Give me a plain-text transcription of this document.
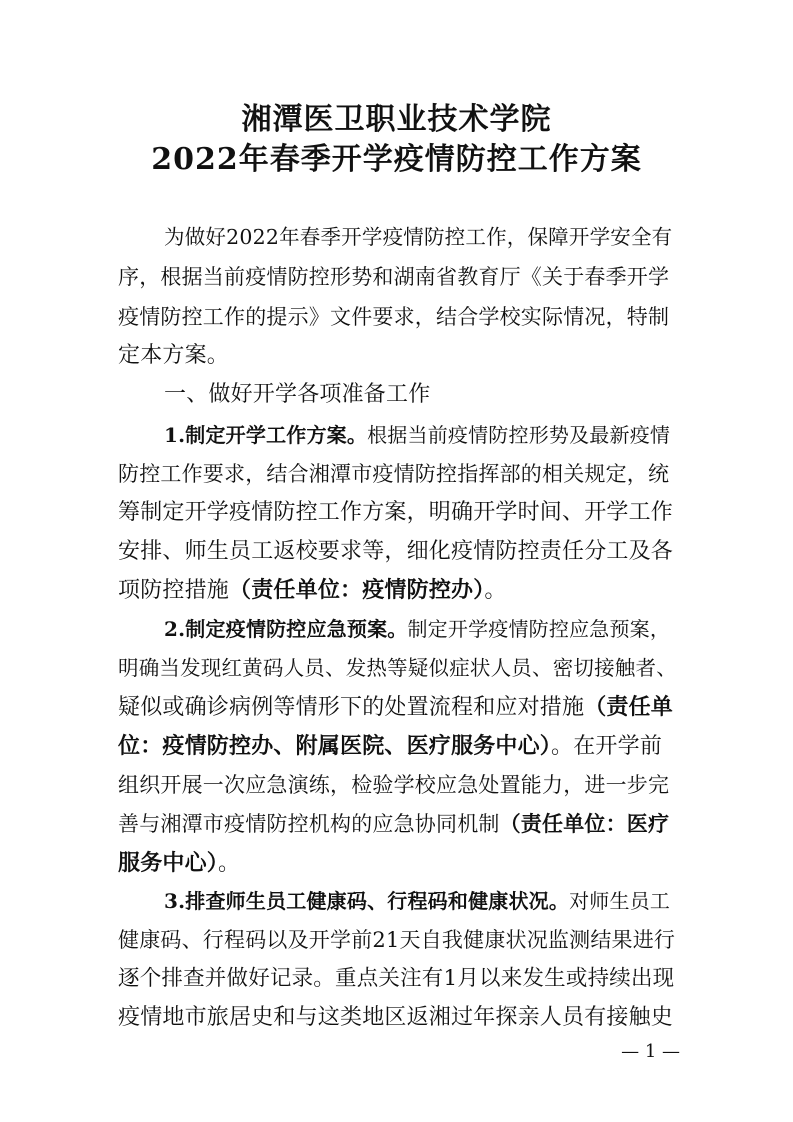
湘潭医卫职业技术学院
2022年春季开学疫情防控工作方案
为做好2022年春季开学疫情防控工作，保障开学安全有
序，根据当前疫情防控形势和湖南省教育厅《关于春季开学
疫情防控工作的提示》文件要求，结合学校实际情况，特制
定本方案。
一、做好开学各项准备工作
1.制定开学工作方案。根据当前疫情防控形势及最新疫情
防控工作要求，结合湘潭市疫情防控指挥部的相关规定，统
筹制定开学疫情防控工作方案，明确开学时间、开学工作
安排、师生员工返校要求等，细化疫情防控责任分工及各
项防控措施（责任单位：疫情防控办）。
2.制定疫情防控应急预案。制定开学疫情防控应急预案，
明确当发现红黄码人员、发热等疑似症状人员、密切接触者、
疑似或确诊病例等情形下的处置流程和应对措施（责任单
位：疫情防控办、附属医院、医疗服务中心）。在开学前
组织开展一次应急演练，检验学校应急处置能力，进一步完
善与湘潭市疫情防控机构的应急协同机制（责任单位：医疗
服务中心）。
3.排查师生员工健康码、行程码和健康状况。对师生员工
健康码、行程码以及开学前21天自我健康状况监测结果进行
逐个排查并做好记录。重点关注有1月以来发生或持续出现
疫情地市旅居史和与这类地区返湘过年探亲人员有接触史
— 1 —
